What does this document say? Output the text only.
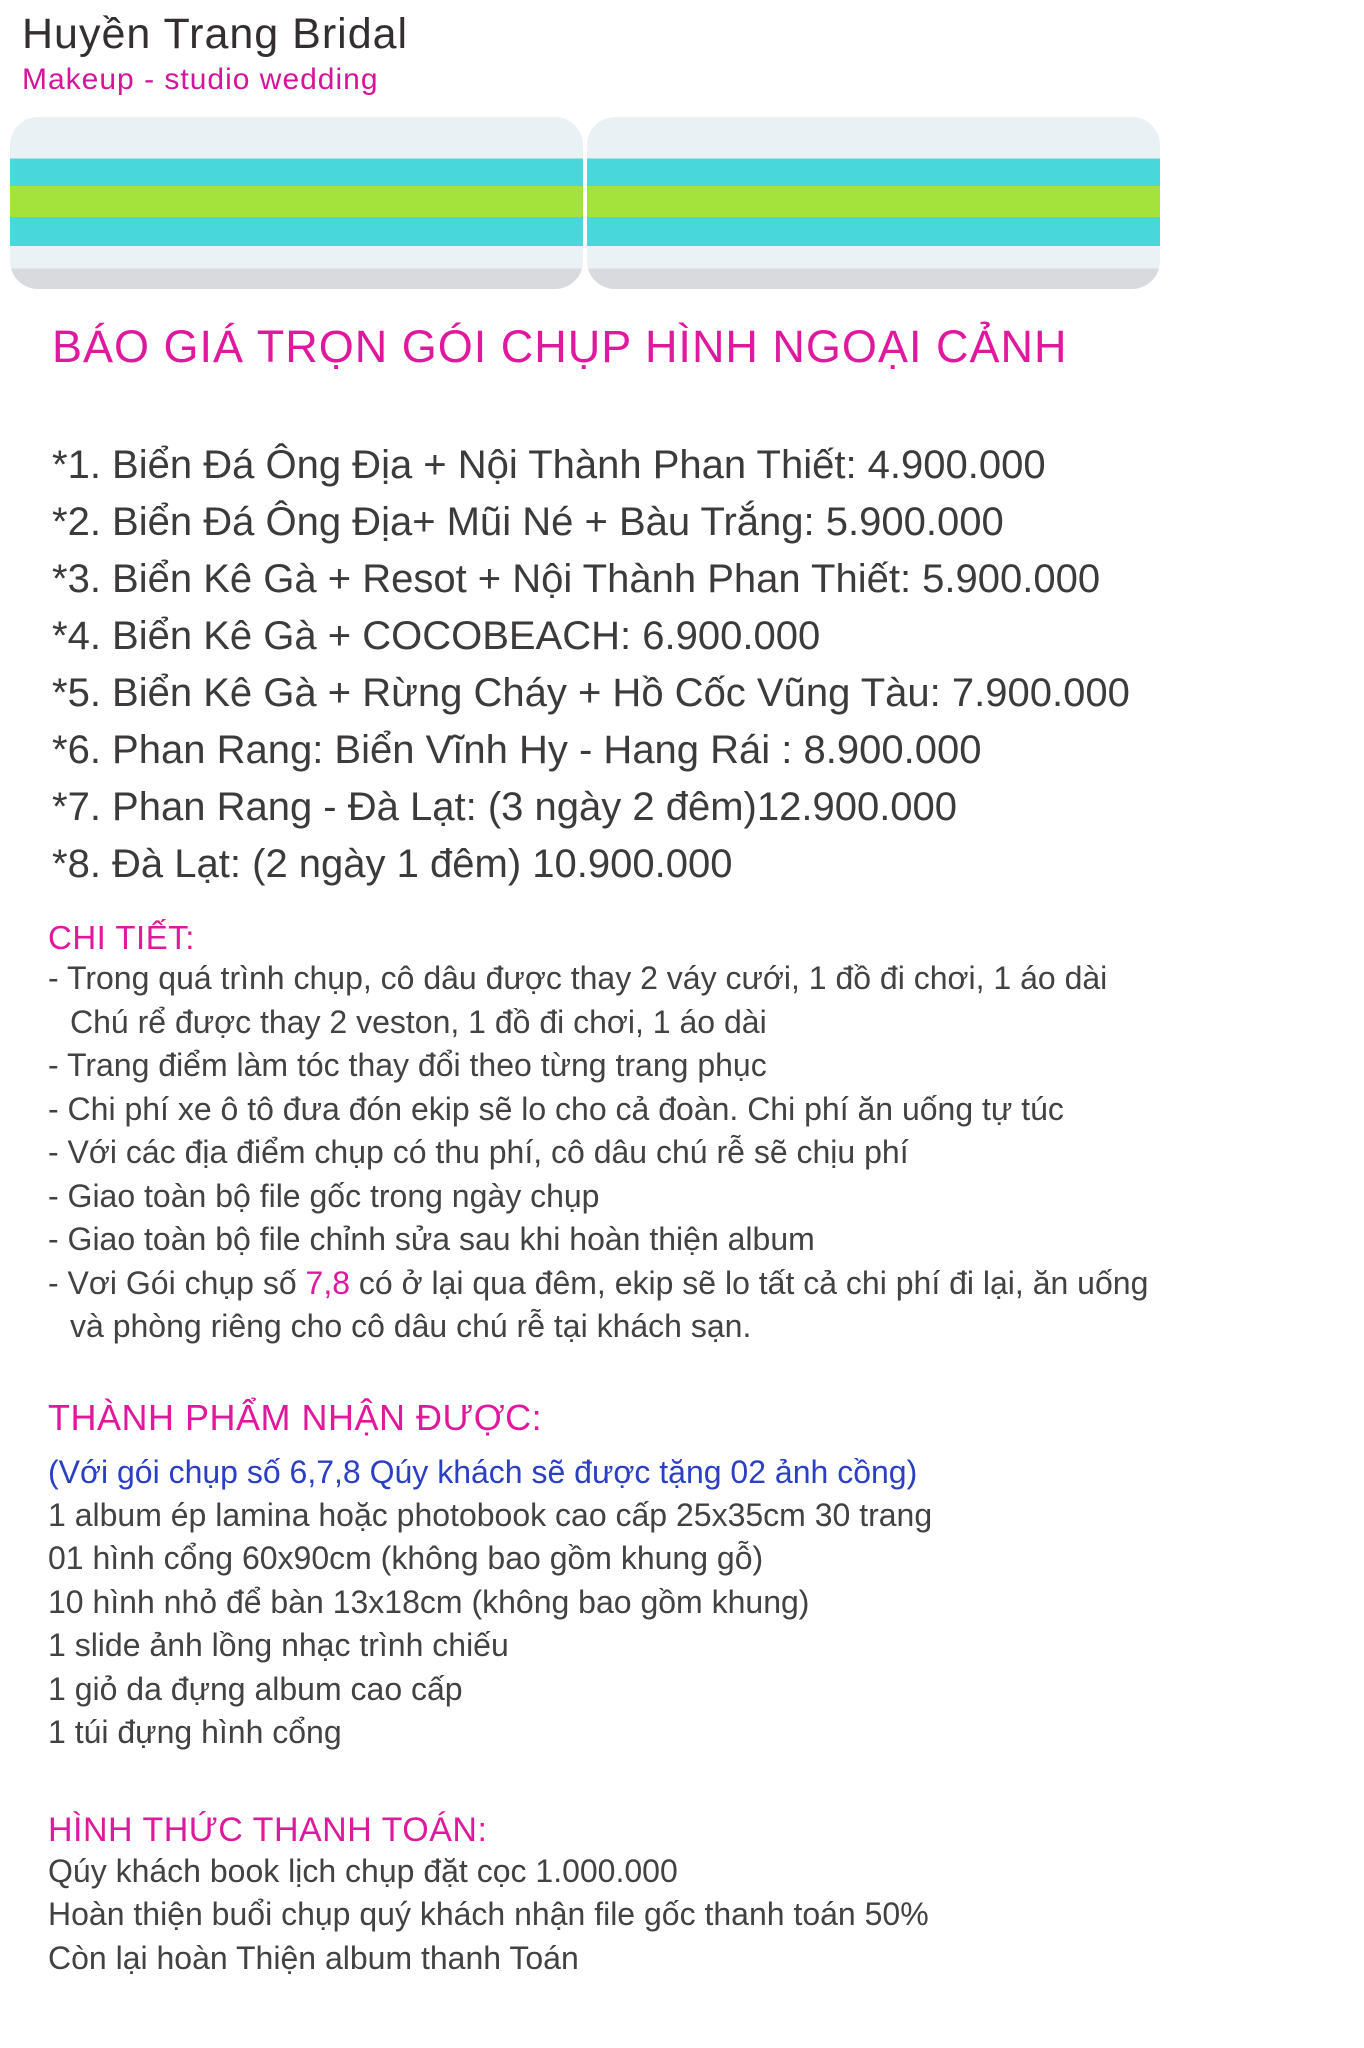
Huyền Trang Bridal
Makeup - studio wedding
BÁO GIÁ TRỌN GÓI CHỤP HÌNH NGOẠI CẢNH
*1. Biển Đá Ông Địa + Nội Thành Phan Thiết: 4.900.000
*2. Biển Đá Ông Địa+ Mũi Né + Bàu Trắng: 5.900.000
*3. Biển Kê Gà + Resot + Nội Thành Phan Thiết: 5.900.000
*4. Biển Kê Gà + COCOBEACH: 6.900.000
*5. Biển Kê Gà + Rừng Cháy + Hồ Cốc Vũng Tàu: 7.900.000
*6. Phan Rang: Biển Vĩnh Hy - Hang Rái : 8.900.000
*7. Phan Rang - Đà Lạt: (3 ngày 2 đêm)12.900.000
*8. Đà Lạt: (2 ngày 1 đêm) 10.900.000
CHI TIẾT:
- Trong quá trình chụp, cô dâu được thay 2 váy cưới, 1 đồ đi chơi, 1 áo dài
Chú rể được thay 2 veston, 1 đồ đi chơi, 1 áo dài
- Trang điểm làm tóc thay đổi theo từng trang phục
- Chi phí xe ô tô đưa đón ekip sẽ lo cho cả đoàn. Chi phí ăn uống tự túc
- Với các địa điểm chụp có thu phí, cô dâu chú rễ sẽ chịu phí
- Giao toàn bộ file gốc trong ngày chụp
- Giao toàn bộ file chỉnh sửa sau khi hoàn thiện album
- Vơi Gói chụp số 7,8 có ở lại qua đêm, ekip sẽ lo tất cả chi phí đi lại, ăn uống
và phòng riêng cho cô dâu chú rễ tại khách sạn.
THÀNH PHẨM NHẬN ĐƯỢC:
(Với gói chụp số 6,7,8 Qúy khách sẽ được tặng 02 ảnh cồng)
1 album ép lamina hoặc photobook cao cấp 25x35cm 30 trang
01 hình cổng 60x90cm (không bao gồm khung gỗ)
10 hình nhỏ để bàn 13x18cm (không bao gồm khung)
1 slide ảnh lồng nhạc trình chiếu
1 giỏ da đựng album cao cấp
1 túi đựng hình cổng
HÌNH THỨC THANH TOÁN:
Qúy khách book lịch chụp đặt cọc 1.000.000
Hoàn thiện buổi chụp quý khách nhận file gốc thanh toán 50%
Còn lại hoàn Thiện album thanh Toán
